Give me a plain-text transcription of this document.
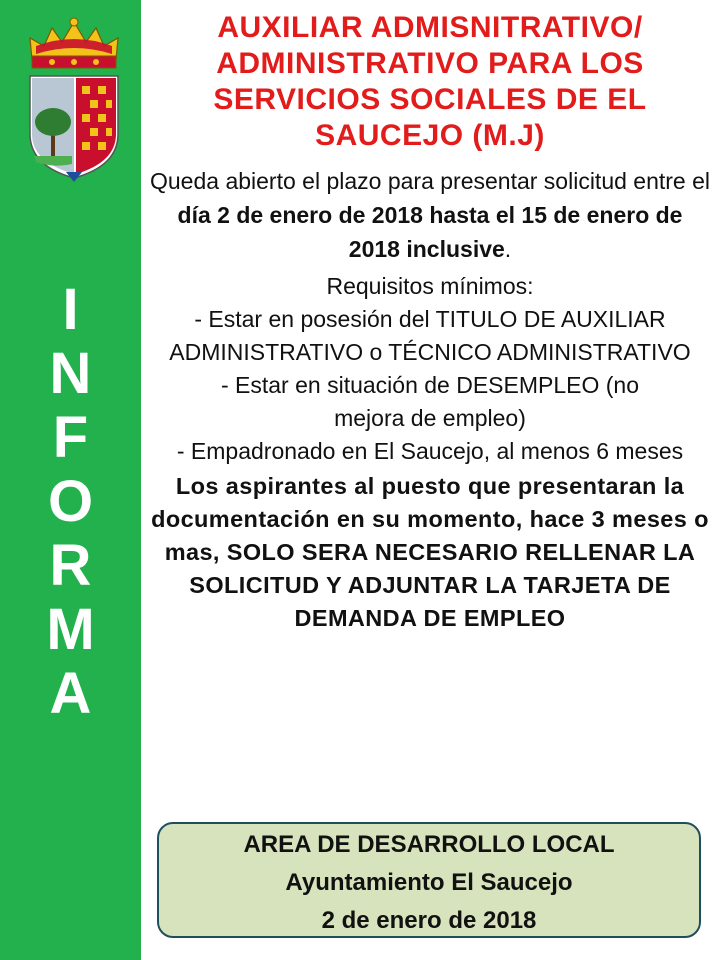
I
N
F
O
R
M
A
AUXILIAR ADMISNITRATIVO/
ADMINISTRATIVO PARA LOS
SERVICIOS SOCIALES DE EL
SAUCEJO (M.J)

Queda abierto el plazo para presentar solicitud entre el día 2 de enero de 2018 hasta el 15 de enero de 2018 inclusive.

Requisitos mínimos:

- Estar en posesión del TITULO DE AUXILIAR ADMINISTRATIVO o TÉCNICO ADMINISTRATIVO

- Estar en situación de DESEMPLEO (no mejora de empleo)

- Empadronado en El Saucejo, al menos 6 meses

Los aspirantes al puesto que presentaran la documentación en su momento, hace 3 meses o mas, SOLO SERA NECESARIO RELLENAR LA SOLICITUD Y ADJUNTAR LA TARJETA DE DEMANDA DE EMPLEO

AREA DE DESARROLLO LOCAL
Ayuntamiento El Saucejo
2 de enero de 2018
